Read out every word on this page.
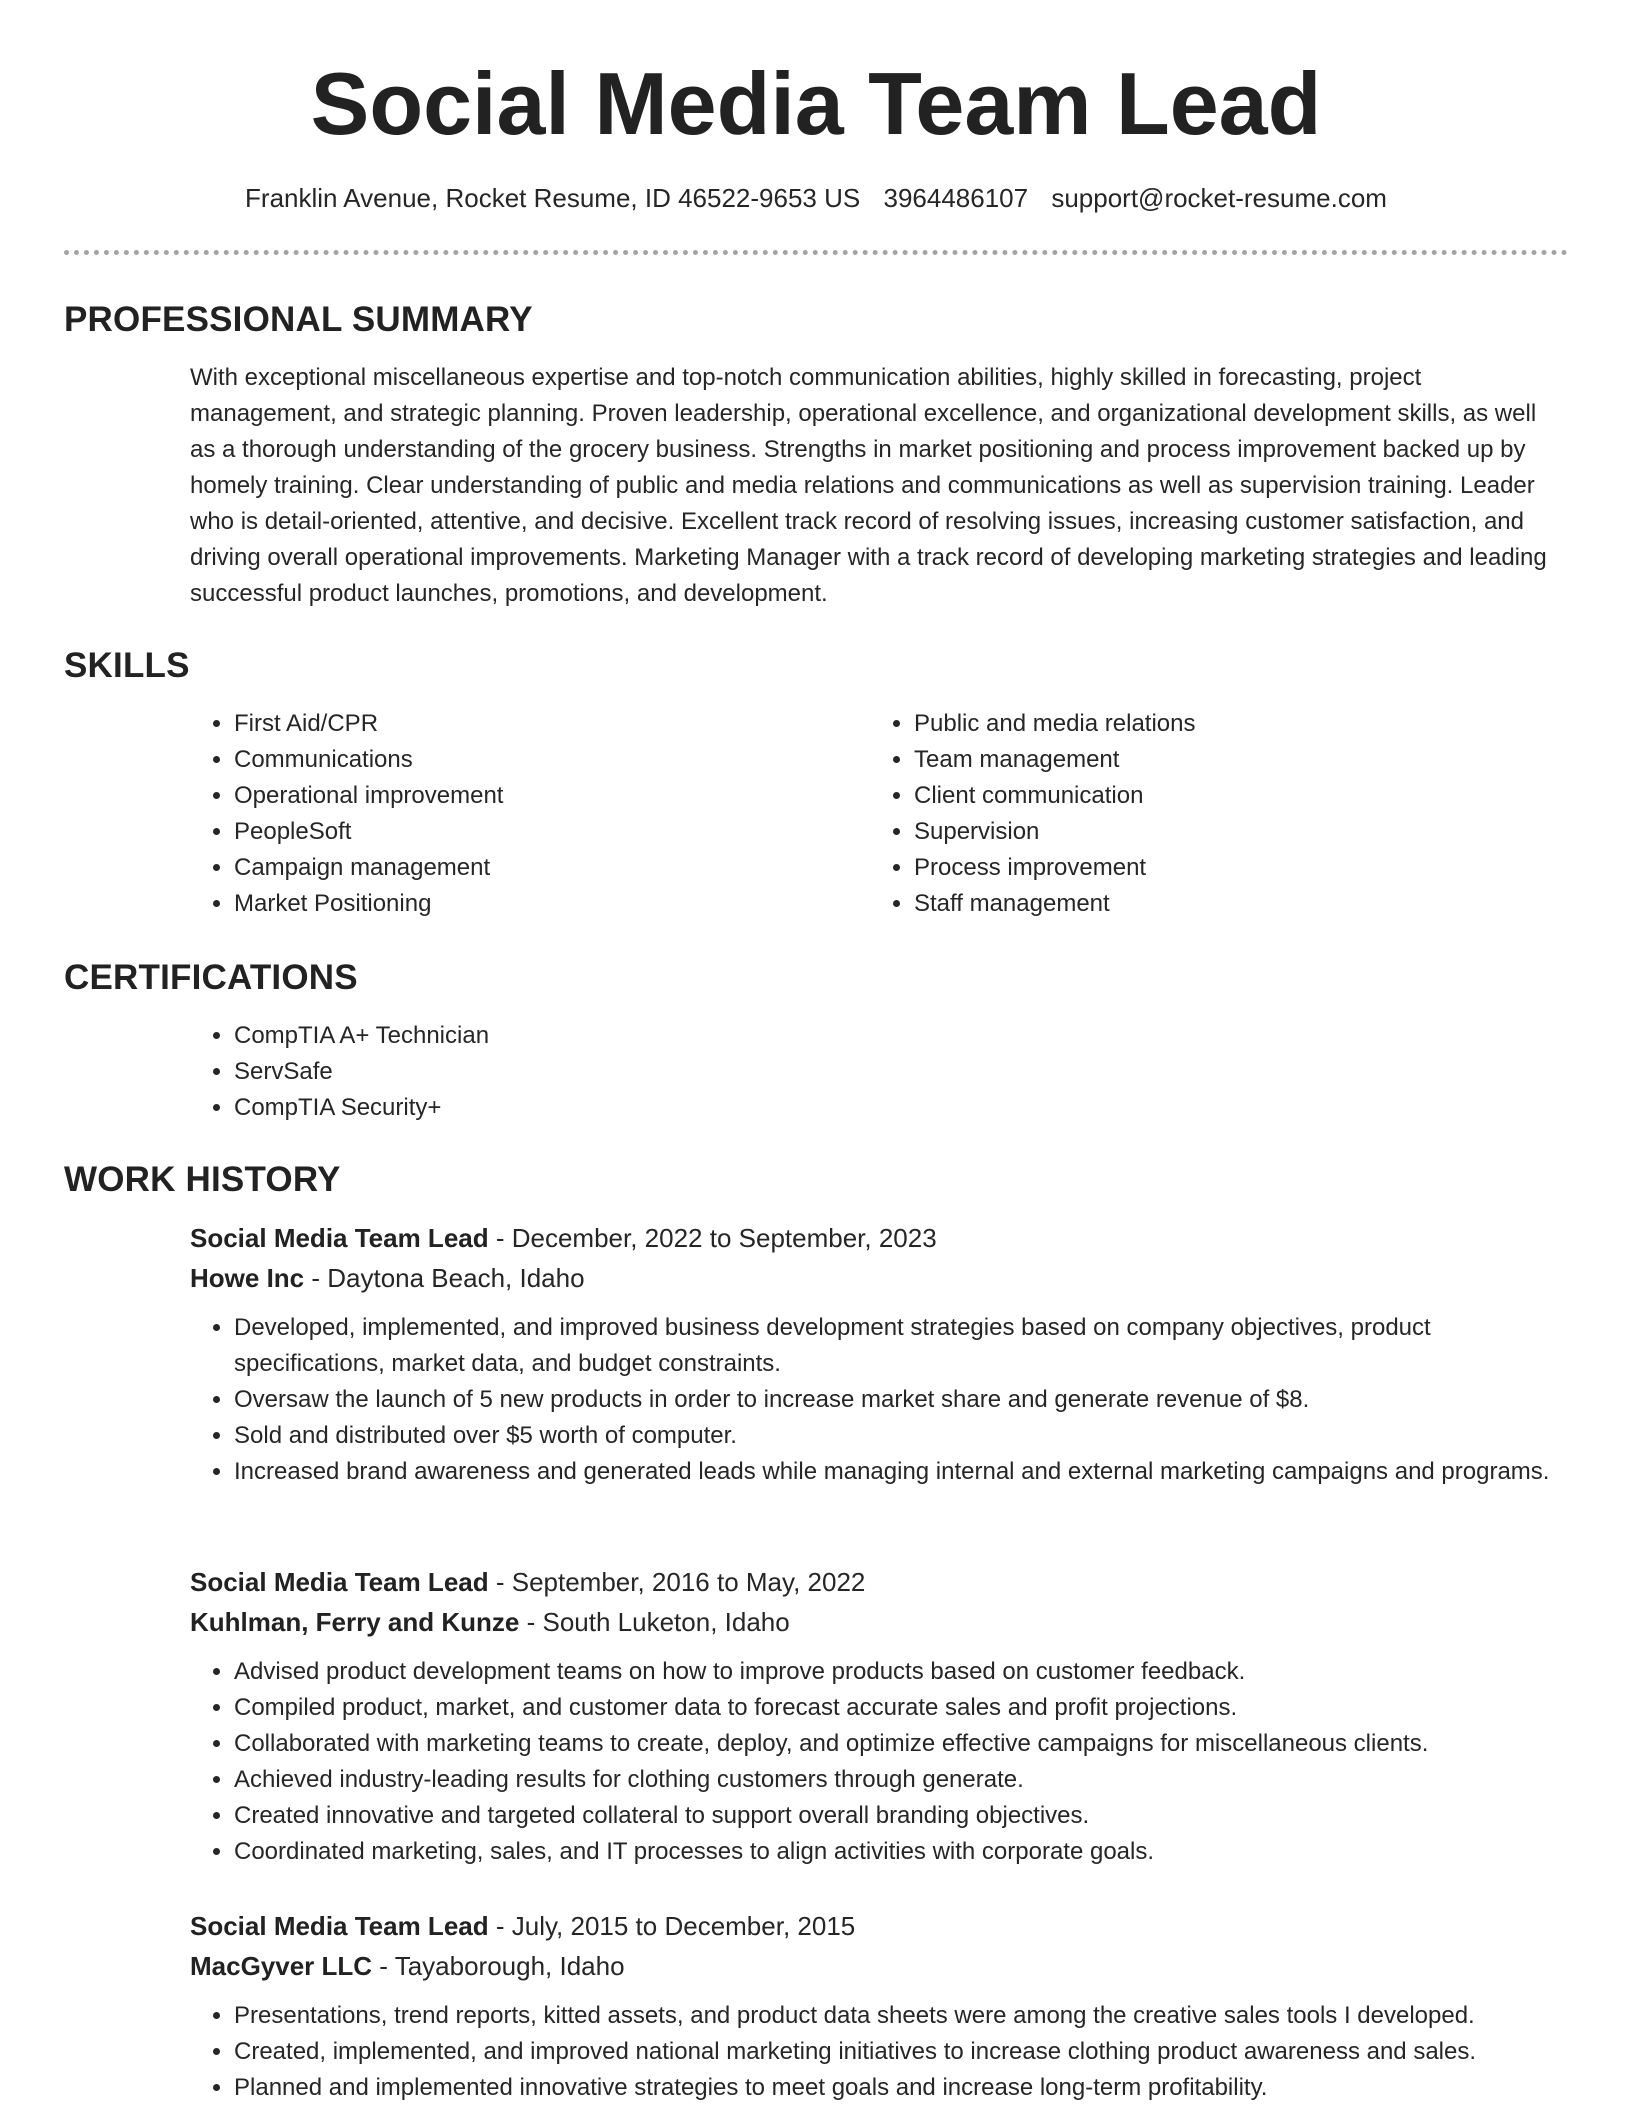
Social Media Team Lead
Franklin Avenue, Rocket Resume, ID 46522-9653 US 3964486107 support@rocket-resume.com
PROFESSIONAL SUMMARY

With exceptional miscellaneous expertise and top-notch communication abilities, highly skilled in forecasting, project management, and strategic planning. Proven leadership, operational excellence, and organizational development skills, as well as a thorough understanding of the grocery business. Strengths in market positioning and process improvement backed up by homely training. Clear understanding of public and media relations and communications as well as supervision training. Leader who is detail-oriented, attentive, and decisive. Excellent track record of resolving issues, increasing customer satisfaction, and driving overall operational improvements. Marketing Manager with a track record of developing marketing strategies and leading successful product launches, promotions, and development.

SKILLS
• First Aid/CPR
• Communications
• Operational improvement
• PeopleSoft
• Campaign management
• Market Positioning
• Public and media relations
• Team management
• Client communication
• Supervision
• Process improvement
• Staff management
CERTIFICATIONS
• CompTIA A+ Technician
• ServSafe
• CompTIA Security+
WORK HISTORY
Social Media Team Lead - December, 2022 to September, 2023
Howe Inc - Daytona Beach, Idaho
• Developed, implemented, and improved business development strategies based on company objectives, product specifications, market data, and budget constraints.
• Oversaw the launch of 5 new products in order to increase market share and generate revenue of $8.
• Sold and distributed over $5 worth of computer.
• Increased brand awareness and generated leads while managing internal and external marketing campaigns and programs.
Social Media Team Lead - September, 2016 to May, 2022
Kuhlman, Ferry and Kunze - South Luketon, Idaho
• Advised product development teams on how to improve products based on customer feedback.
• Compiled product, market, and customer data to forecast accurate sales and profit projections.
• Collaborated with marketing teams to create, deploy, and optimize effective campaigns for miscellaneous clients.
• Achieved industry-leading results for clothing customers through generate.
• Created innovative and targeted collateral to support overall branding objectives.
• Coordinated marketing, sales, and IT processes to align activities with corporate goals.
Social Media Team Lead - July, 2015 to December, 2015
MacGyver LLC - Tayaborough, Idaho
• Presentations, trend reports, kitted assets, and product data sheets were among the creative sales tools I developed.
• Created, implemented, and improved national marketing initiatives to increase clothing product awareness and sales.
• Planned and implemented innovative strategies to meet goals and increase long-term profitability.
